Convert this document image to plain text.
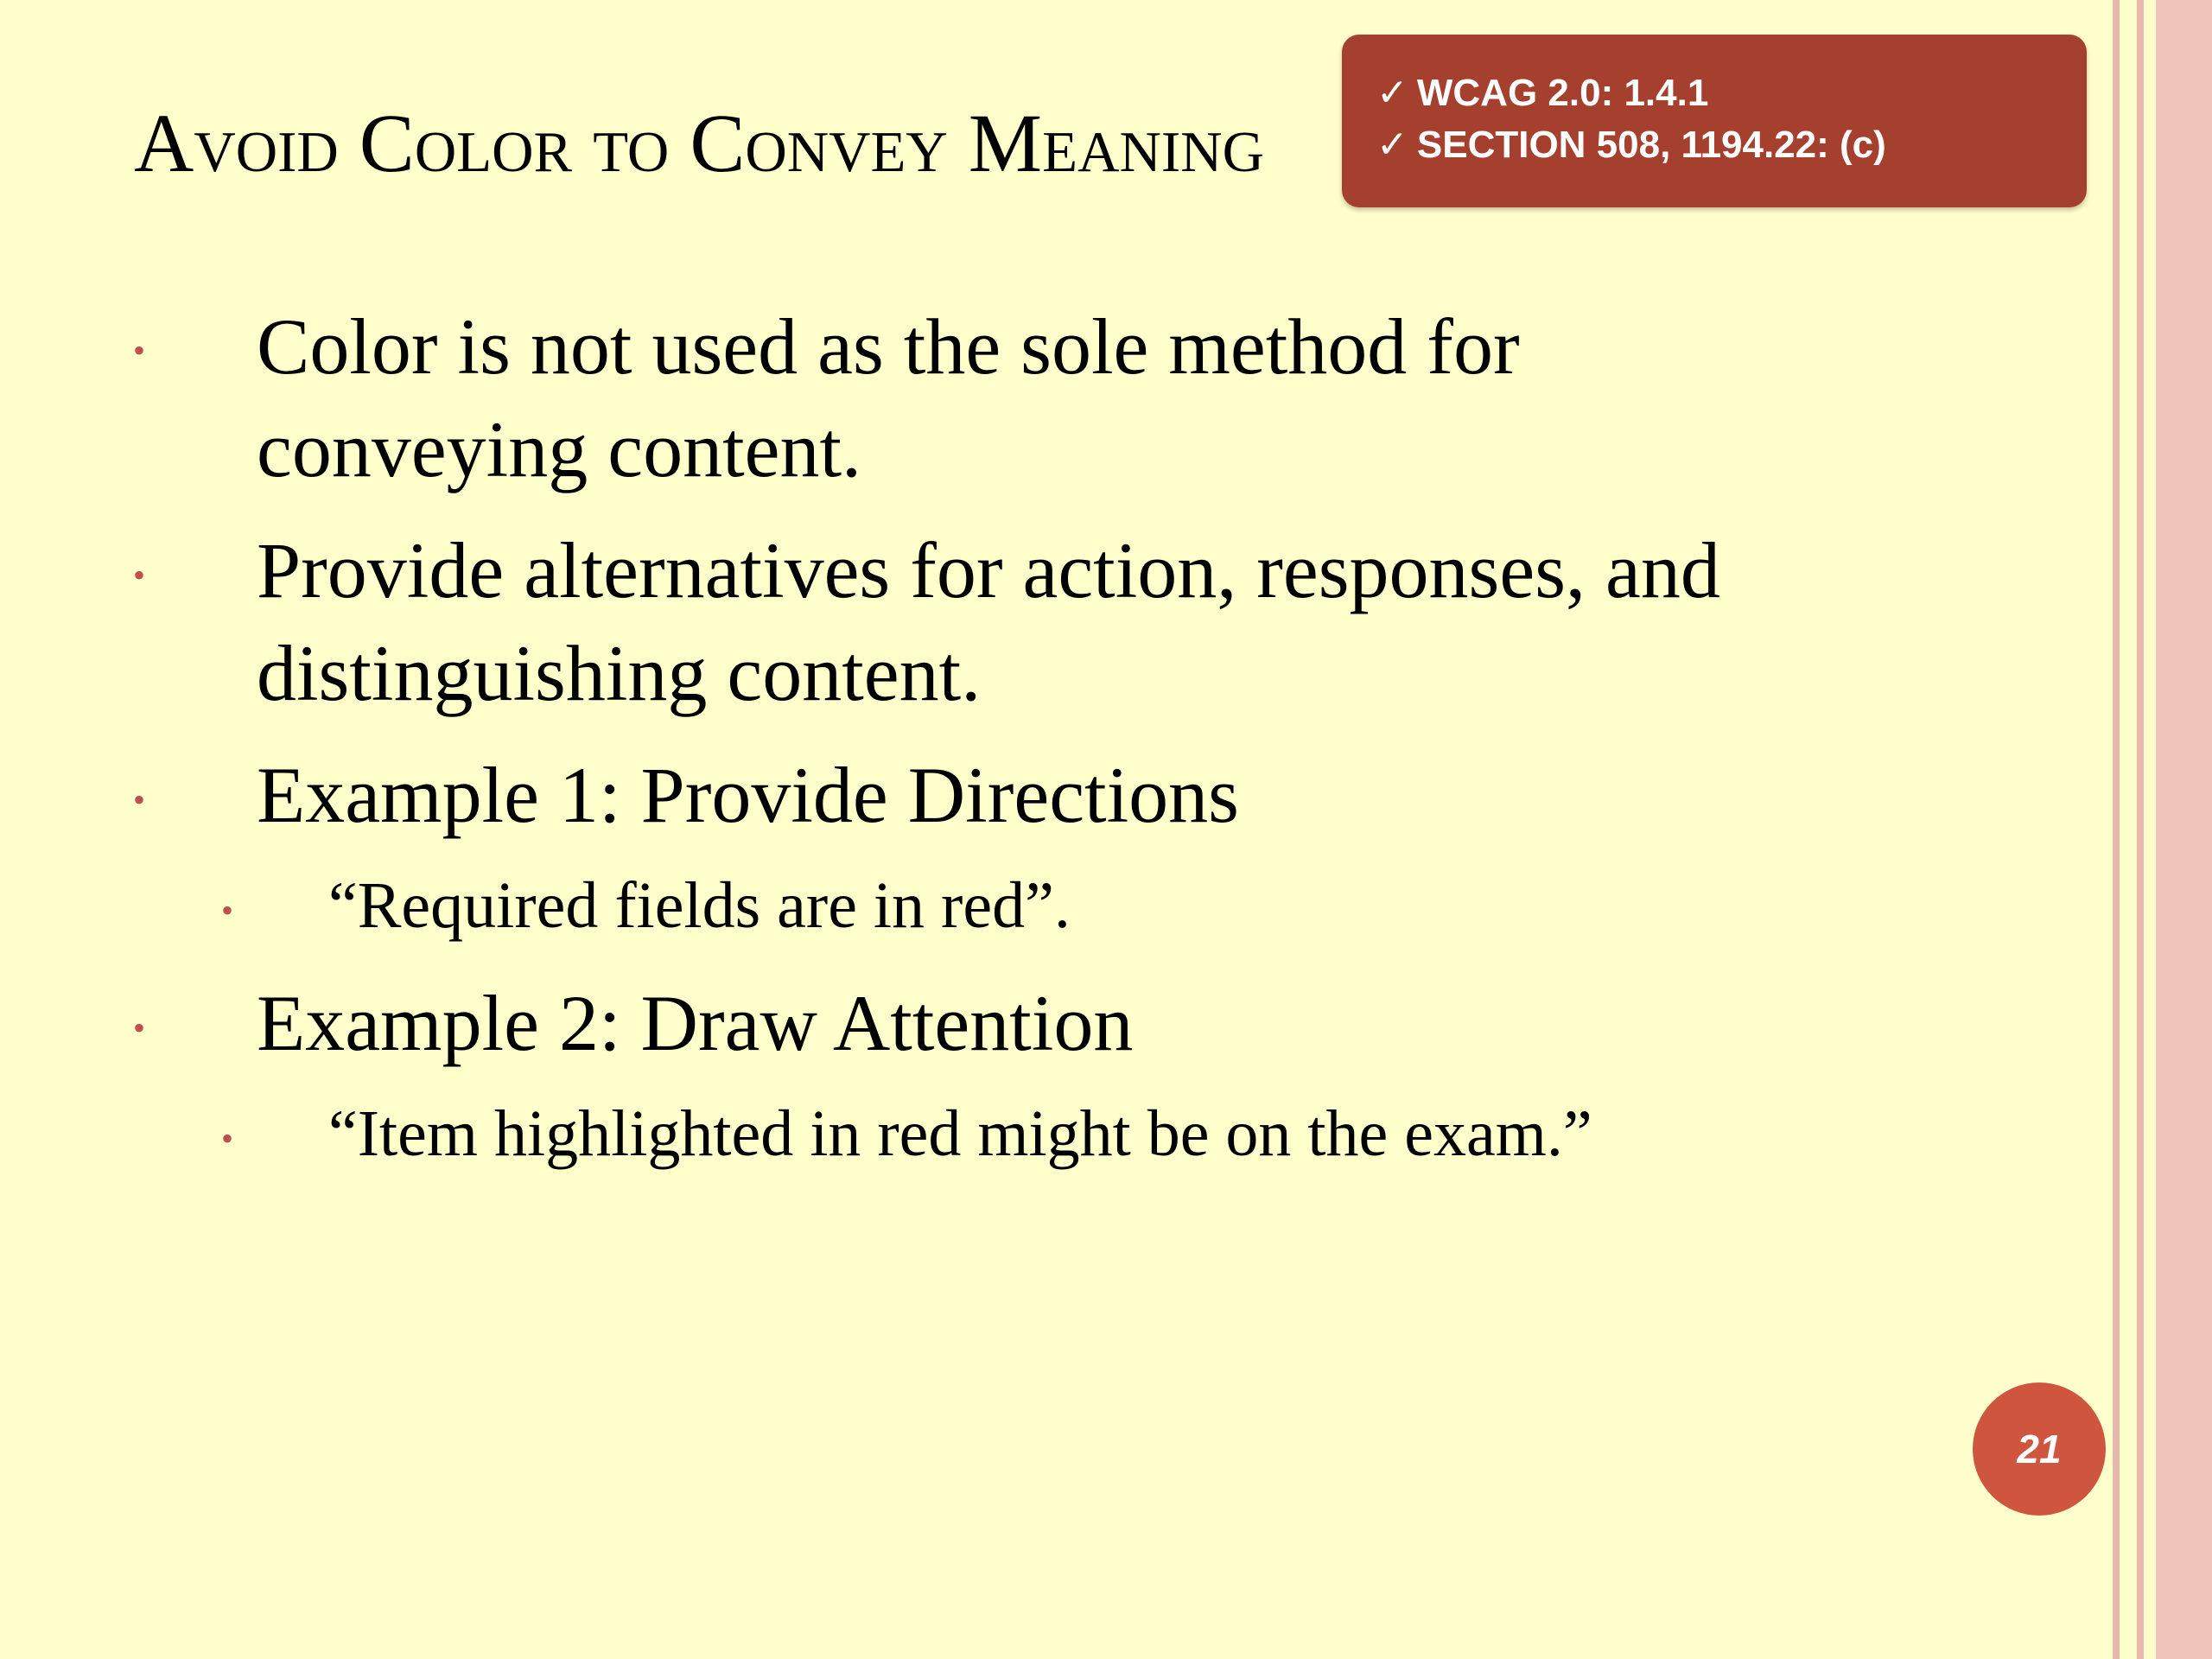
Avoid Color to Convey Meaning
✓ WCAG 2.0: 1.4.1
✓ SECTION 508, 1194.22: (c)
• Color is not used as the sole method for
conveying content.
• Provide alternatives for action, responses, and
distinguishing content.
• Example 1: Provide Directions
• “Required fields are in red”.
• Example 2: Draw Attention
• “Item highlighted in red might be on the exam.”
21
